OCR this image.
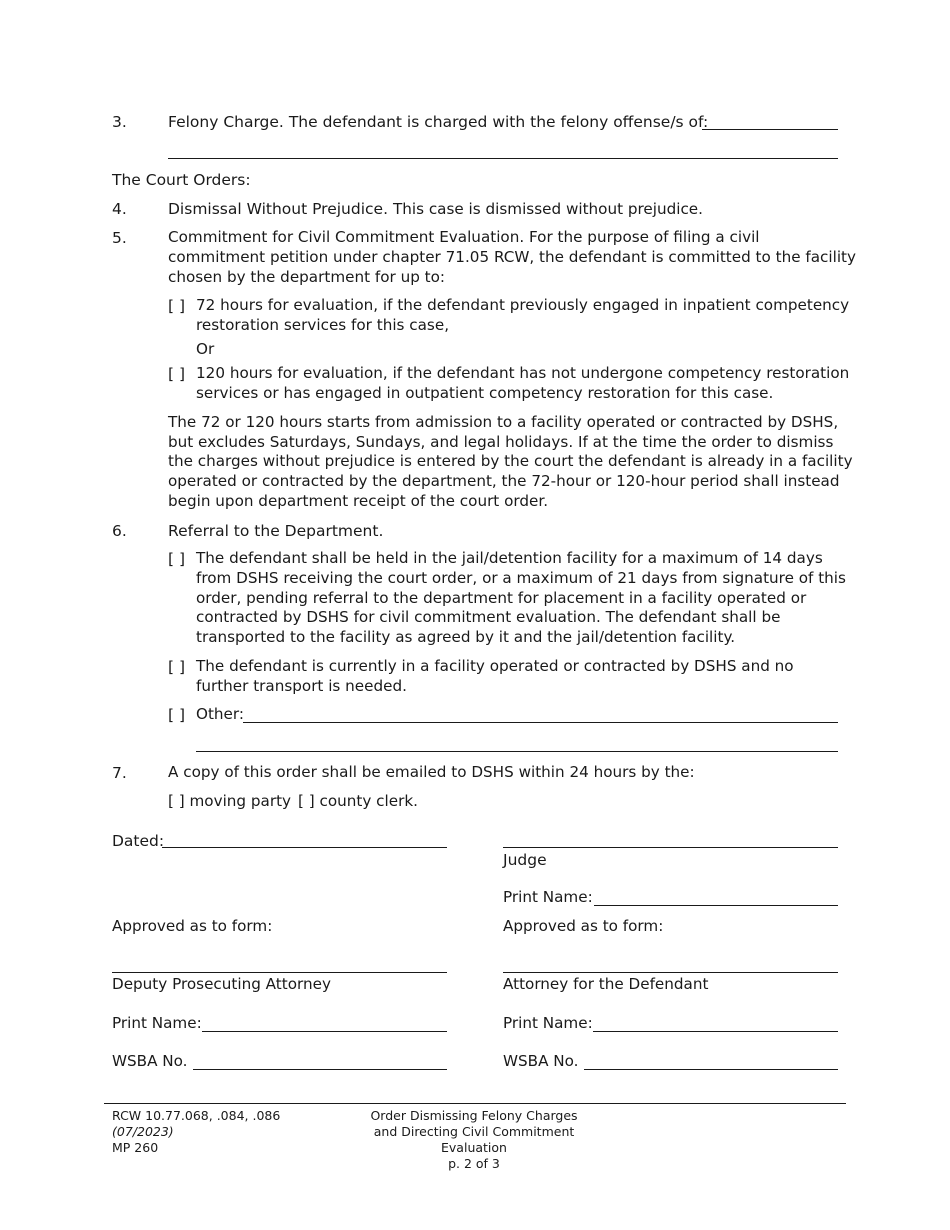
3.	Felony Charge. The defendant is charged with the felony offense/s of:
The Court Orders:
4.	Dismissal Without Prejudice. This case is dismissed without prejudice.
5.	Commitment for Civil Commitment Evaluation. For the purpose of filing a civil
commitment petition under chapter 71.05 RCW, the defendant is committed to the facility
chosen by the department for up to:
[ ] 72 hours for evaluation, if the defendant previously engaged in inpatient competency
restoration services for this case,
Or
[ ] 120 hours for evaluation, if the defendant has not undergone competency restoration
services or has engaged in outpatient competency restoration for this case.
The 72 or 120 hours starts from admission to a facility operated or contracted by DSHS,
but excludes Saturdays, Sundays, and legal holidays. If at the time the order to dismiss
the charges without prejudice is entered by the court the defendant is already in a facility
operated or contracted by the department, the 72-hour or 120-hour period shall instead
begin upon department receipt of the court order.
6.	Referral to the Department.
[ ] The defendant shall be held in the jail/detention facility for a maximum of 14 days
from DSHS receiving the court order, or a maximum of 21 days from signature of this
order, pending referral to the department for placement in a facility operated or
contracted by DSHS for civil commitment evaluation. The defendant shall be
transported to the facility as agreed by it and the jail/detention facility.
[ ] The defendant is currently in a facility operated or contracted by DSHS and no
further transport is needed.
[ ] Other:
7.	A copy of this order shall be emailed to DSHS within 24 hours by the:
[ ] moving party [ ] county clerk.
Dated:
Judge
Print Name:
Approved as to form:	Approved as to form:
Deputy Prosecuting Attorney	Attorney for the Defendant
Print Name:	Print Name:
WSBA No.	WSBA No.
RCW 10.77.068, .084, .086
(07/2023)
MP 260
Order Dismissing Felony Charges
and Directing Civil Commitment
Evaluation
p. 2 of 3
